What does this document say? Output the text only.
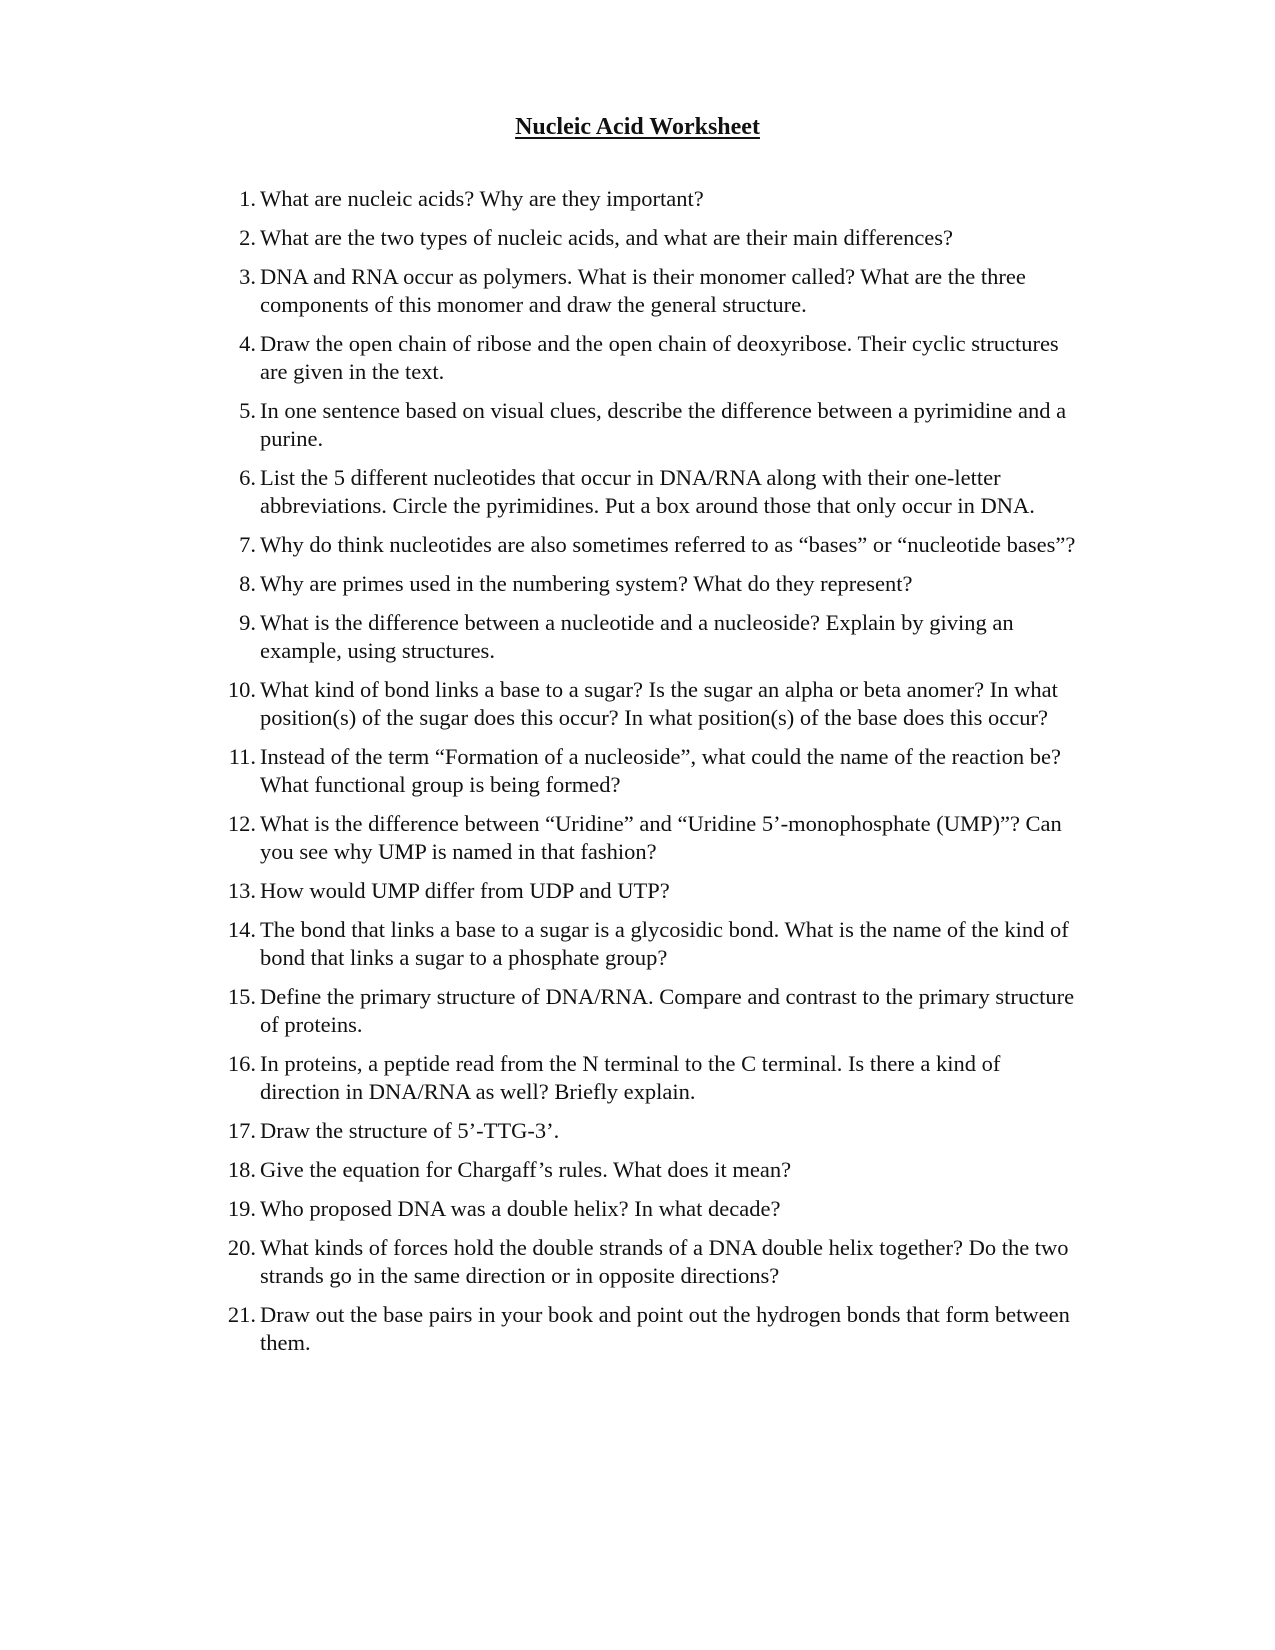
Nucleic Acid Worksheet
1. What are nucleic acids? Why are they important?
2. What are the two types of nucleic acids, and what are their main differences?
3. DNA and RNA occur as polymers. What is their monomer called? What are the three components of this monomer and draw the general structure.
4. Draw the open chain of ribose and the open chain of deoxyribose. Their cyclic structures are given in the text.
5. In one sentence based on visual clues, describe the difference between a pyrimidine and a purine.
6. List the 5 different nucleotides that occur in DNA/RNA along with their one-letter abbreviations. Circle the pyrimidines. Put a box around those that only occur in DNA.
7. Why do think nucleotides are also sometimes referred to as “bases” or “nucleotide bases”?
8. Why are primes used in the numbering system? What do they represent?
9. What is the difference between a nucleotide and a nucleoside? Explain by giving an example, using structures.
10. What kind of bond links a base to a sugar? Is the sugar an alpha or beta anomer? In what position(s) of the sugar does this occur? In what position(s) of the base does this occur?
11. Instead of the term “Formation of a nucleoside”, what could the name of the reaction be? What functional group is being formed?
12. What is the difference between “Uridine” and “Uridine 5’-monophosphate (UMP)”? Can you see why UMP is named in that fashion?
13. How would UMP differ from UDP and UTP?
14. The bond that links a base to a sugar is a glycosidic bond. What is the name of the kind of bond that links a sugar to a phosphate group?
15. Define the primary structure of DNA/RNA. Compare and contrast to the primary structure of proteins.
16. In proteins, a peptide read from the N terminal to the C terminal. Is there a kind of direction in DNA/RNA as well? Briefly explain.
17. Draw the structure of 5’-TTG-3’.
18. Give the equation for Chargaff’s rules. What does it mean?
19. Who proposed DNA was a double helix? In what decade?
20. What kinds of forces hold the double strands of a DNA double helix together? Do the two strands go in the same direction or in opposite directions?
21. Draw out the base pairs in your book and point out the hydrogen bonds that form between them.
